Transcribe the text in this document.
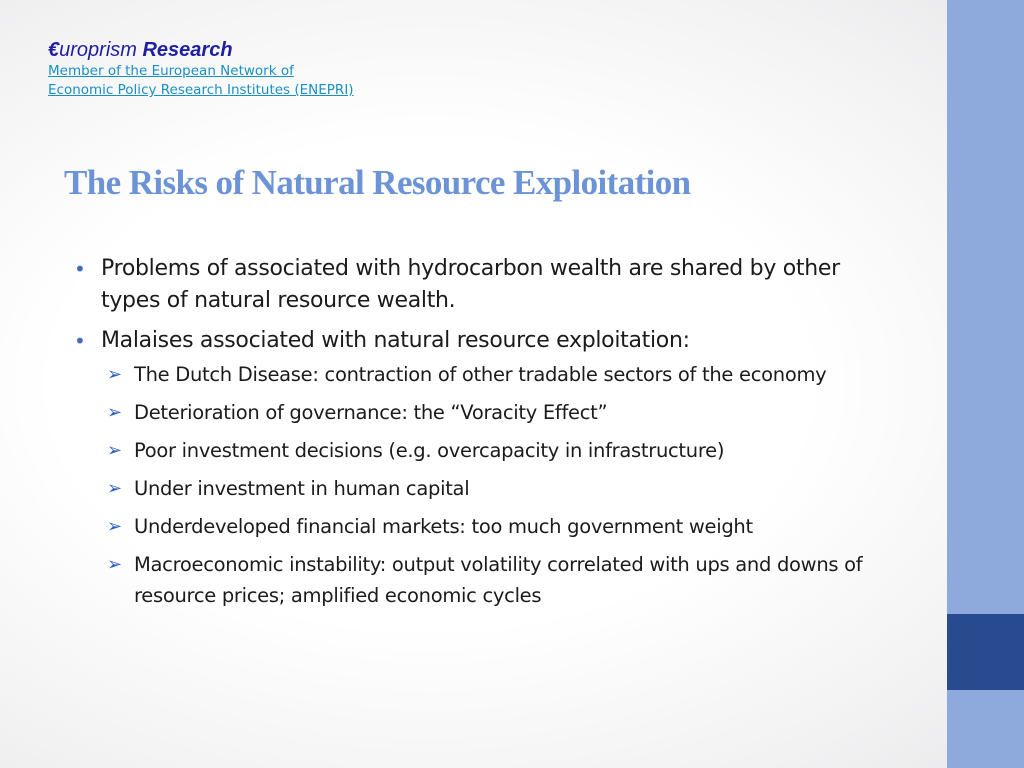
€uroprism Research
Member of the European Network of
Economic Policy Research Institutes (ENEPRI)
The Risks of Natural Resource Exploitation
• Problems of associated with hydrocarbon wealth are shared by other types of natural resource wealth.
• Malaises associated with natural resource exploitation:
➢ The Dutch Disease: contraction of other tradable sectors of the economy
➢ Deterioration of governance: the “Voracity Effect”
➢ Poor investment decisions (e.g. overcapacity in infrastructure)
➢ Under investment in human capital
➢ Underdeveloped financial markets: too much government weight
➢ Macroeconomic instability: output volatility correlated with ups and downs of resource prices; amplified economic cycles
